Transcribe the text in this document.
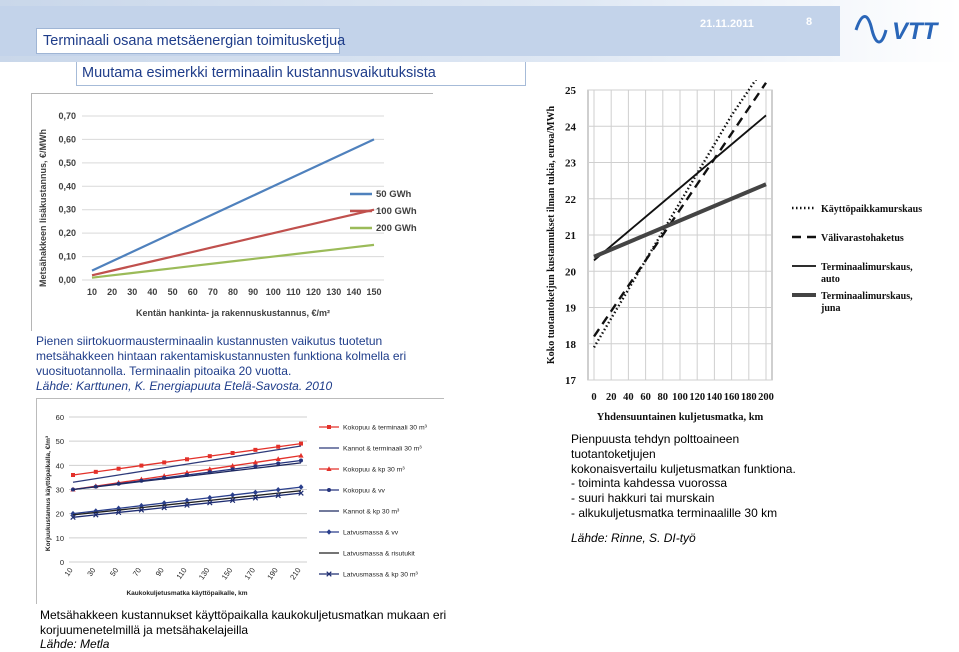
Terminaali osana metsäenergian toimitusketjua
21.11.2011	8	VTT
Muutama esimerkki terminaalin kustannusvaikutuksista
0,00
0,10
0,20
0,30
0,40
0,50
0,60
0,70
10 20 30 40 50 60 70 80 90 100 110 120 130 140 150
Kentän hankinta- ja rakennuskustannus, €/m²
Metsähakkeen lisäkustannus, €/MWh	50 GWh
100 GWh
200 GWh
Pienen siirtokuormausterminaalin kustannusten vaikutus tuotetun
metsähakkeen hintaan rakentamiskustannusten funktiona kolmella eri
vuosituotannolla. Terminaalin pitoaika 20 vuotta.
Lähde: Karttunen, K. Energiapuuta Etelä-Savosta. 2010
0
10
20
30
40
50
60
10 30 50 70 90 110 130 150 170 190 210
Kaukokuljetusmatka käyttöpaikalle, km
Korjuukustannus käyttöpaikalla, €/m³
Kokopuu & terminaali 30 m³
Kannot & terminaali 30 m³
Kokopuu & kp 30 m³
Kokopuu & vv
Kannot & kp 30 m³
Latvusmassa & vv
Latvusmassa & risutukit
Latvusmassa & kp 30 m³
Metsähakkeen kustannukset käyttöpaikalla kaukokuljetusmatkan mukaan eri
korjuumenetelmillä ja metsähakelajeilla
Lähde: Metla
17
18
19
20
21
22
23
24
25
0 20 40 60 80 100 120 140 160 180 200
Yhdensuuntainen kuljetusmatka, km
Koko tuotantoketjun kustannukset ilman tukia, euroa/MWh	Käyttöpaikkamurskaus
Välivarastohaketus
Terminaalimurskaus,
auto
Terminaalimurskaus,
juna
Pienpuusta tehdyn polttoaineen
tuotantoketjujen
kokonaisvertailu kuljetusmatkan funktiona.
- toiminta kahdessa vuorossa
- suuri hakkuri tai murskain
- alkukuljetusmatka terminaalille 30 km
Lähde: Rinne, S. DI-työ
